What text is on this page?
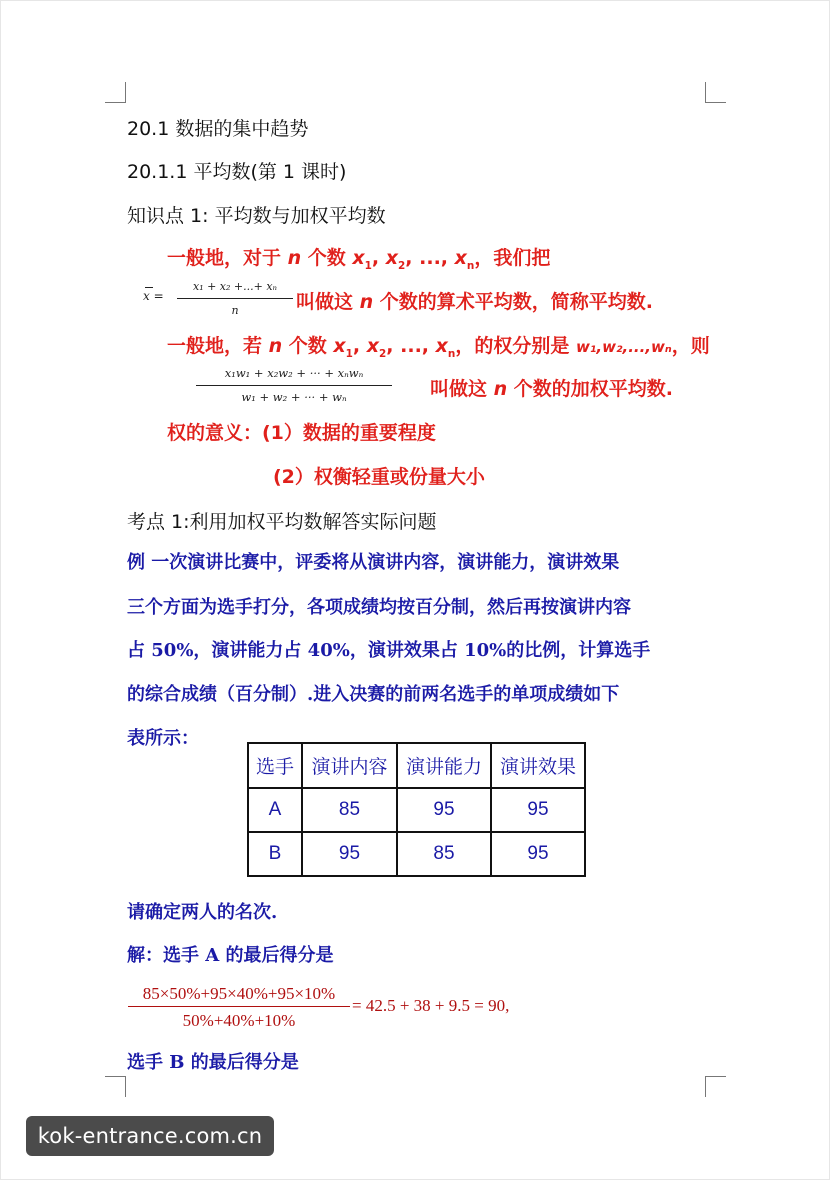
20.1 数据的集中趋势
20.1.1 平均数(第 1 课时)
知识点 1: 平均数与加权平均数
一般地，对于 n 个数 $x_1$, $x_2$, ..., $x_n$，我们把
x =
x₁ + x₂ +...+ xₙ
n	叫做这 n 个数的算术平均数，简称平均数.
一般地，若 n 个数 $x_1$, $x_2$, ..., $x_n$，的权分别是 w₁,w₂,...,wₙ，则
x₁w₁ + x₂w₂ + ··· + xₙwₙ
w₁ + w₂ + ··· + wₙ	叫做这 n 个数的加权平均数.
权的意义：(1）数据的重要程度
(2）权衡轻重或份量大小
考点 1:利用加权平均数解答实际问题
例 一次演讲比赛中，评委将从演讲内容，演讲能力，演讲效果
三个方面为选手打分，各项成绩均按百分制，然后再按演讲内容
占 50%，演讲能力占 40%，演讲效果占 10%的比例，计算选手
的综合成绩（百分制）.进入决赛的前两名选手的单项成绩如下
表所示：
选手	演讲内容	演讲能力	演讲效果
A	85	95	95
B	95	85	95
请确定两人的名次.
解：选手 A 的最后得分是
85×50%+95×40%+95×10%
50%+40%+10%
= 42.5 + 38 + 9.5 = 90,
选手 B 的最后得分是
kok-entrance.com.cn
